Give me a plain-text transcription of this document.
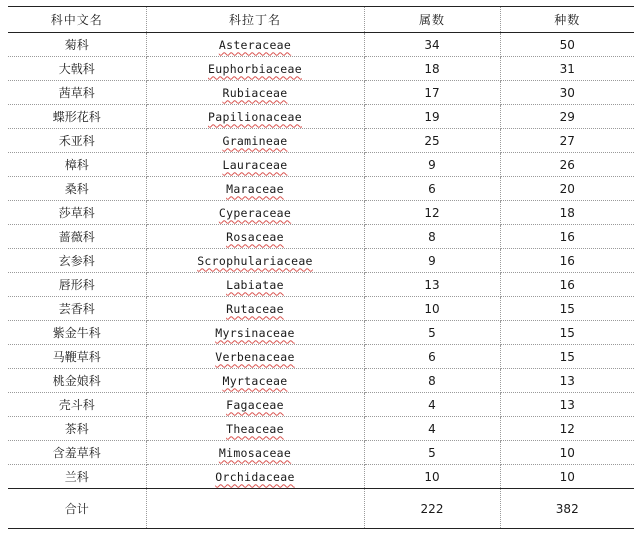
科中文名	科拉丁名	属数	种数
菊科	Asteraceae	34	50
大戟科	Euphorbiaceae	18	31
茜草科	Rubiaceae	17	30
蝶形花科	Papilionaceae	19	29
禾亚科	Gramineae	25	27
樟科	Lauraceae	9	26
桑科	Maraceae	6	20
莎草科	Cyperaceae	12	18
蔷薇科	Rosaceae	8	16
玄参科	Scrophulariaceae	9	16
唇形科	Labiatae	13	16
芸香科	Rutaceae	10	15
紫金牛科	Myrsinaceae	5	15
马鞭草科	Verbenaceae	6	15
桃金娘科	Myrtaceae	8	13
壳斗科	Fagaceae	4	13
茶科	Theaceae	4	12
含羞草科	Mimosaceae	5	10
兰科	Orchidaceae	10	10
合计		222	382
